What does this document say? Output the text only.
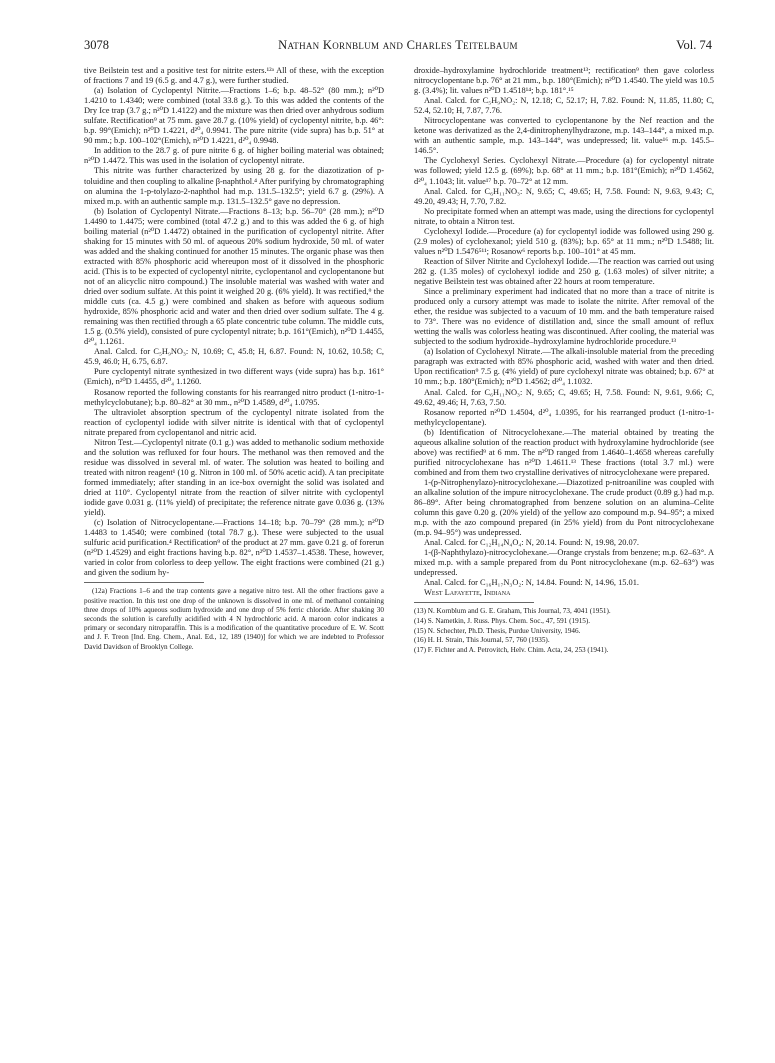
3078	Nathan Kornblum and Charles Teitelbaum	Vol. 74

tive Beilstein test and a positive test for nitrite esters.¹²ᵃ All of these, with the exception of fractions 7 and 19 (6.5 g. and 4.7 g.), were further studied.

(a) Isolation of Cyclopentyl Nitrite.—Fractions 1–6; b.p. 48–52° (80 mm.); n²⁰D 1.4210 to 1.4340; were combined (total 33.8 g.). To this was added the contents of the Dry Ice trap (3.7 g.; n²⁰D 1.4122) and the mixture was then dried over anhydrous sodium sulfate. Rectification⁹ at 75 mm. gave 28.7 g. (10% yield) of cyclopentyl nitrite, b.p. 46°: b.p. 99°(Emich); n²⁰D 1.4221, d²⁰₄ 0.9941. The pure nitrite (vide supra) has b.p. 51° at 90 mm.; b.p. 100–102°(Emich), n²⁰D 1.4221, d²⁰₄ 0.9948.

In addition to the 28.7 g. of pure nitrite 6 g. of higher boiling material was obtained; n²⁰D 1.4472. This was used in the isolation of cyclopentyl nitrate.

This nitrite was further characterized by using 28 g. for the diazotization of p-toluidine and then coupling to alkaline β-naphthol.⁴ After purifying by chromatographing on alumina the 1-p-tolylazo-2-naphthol had m.p. 131.5–132.5°; yield 6.7 g. (29%). A mixed m.p. with an authentic sample m.p. 131.5–132.5° gave no depression.

(b) Isolation of Cyclopentyl Nitrate.—Fractions 8–13; b.p. 56–70° (28 mm.); n²⁰D 1.4490 to 1.4475; were combined (total 47.2 g.) and to this was added the 6 g. of high boiling material (n²⁰D 1.4472) obtained in the purification of cyclopentyl nitrite. After shaking for 15 minutes with 50 ml. of aqueous 20% sodium hydroxide, 50 ml. of water was added and the shaking continued for another 15 minutes. The organic phase was then extracted with 85% phosphoric acid whereupon most of it dissolved in the phosphoric acid. (This is to be expected of cyclopentyl nitrite, cyclopentanol and cyclopentanone but not of an alicyclic nitro compound.) The insoluble material was washed with water and dried over sodium sulfate. At this point it weighed 20 g. (6% yield). It was rectified,⁹ the middle cuts (ca. 4.5 g.) were combined and shaken as before with aqueous sodium hydroxide, 85% phosphoric acid and water and then dried over sodium sulfate. The 4 g. remaining was then rectified through a 65 plate concentric tube column. The middle cuts, 1.5 g. (0.5% yield), consisted of pure cyclopentyl nitrate; b.p. 161°(Emich), n²⁰D 1.4455, d²⁰₄ 1.1261.

Anal. Calcd. for C₅H₉NO₃: N, 10.69; C, 45.8; H, 6.87. Found: N, 10.62, 10.58; C, 45.9, 46.0; H, 6.75, 6.87.

Pure cyclopentyl nitrate synthesized in two different ways (vide supra) has b.p. 161°(Emich), n²⁰D 1.4455, d²⁰₄ 1.1260.

Rosanow reported the following constants for his rearranged nitro product (1-nitro-1-methylcyclobutane); b.p. 80–82° at 30 mm., n²⁰D 1.4589, d²⁰₄ 1.0795.

The ultraviolet absorption spectrum of the cyclopentyl nitrate isolated from the reaction of cyclopentyl iodide with silver nitrite is identical with that of cyclopentyl nitrate prepared from cyclopentanol and nitric acid.

Nitron Test.—Cyclopentyl nitrate (0.1 g.) was added to methanolic sodium methoxide and the solution was refluxed for four hours. The methanol was then removed and the residue was dissolved in several ml. of water. The solution was heated to boiling and treated with nitron reagent¹ (10 g. Nitron in 100 ml. of 50% acetic acid). A tan precipitate formed immediately; after standing in an ice-box overnight the solid was isolated and dried at 110°. Cyclopentyl nitrate from the reaction of silver nitrite with cyclopentyl iodide gave 0.031 g. (11% yield) of precipitate; the reference nitrate gave 0.036 g. (13% yield).

(c) Isolation of Nitrocyclopentane.—Fractions 14–18; b.p. 70–79° (28 mm.); n²⁰D 1.4483 to 1.4540; were combined (total 78.7 g.). These were subjected to the usual sulfuric acid purification.⁴ Rectification⁹ of the product at 27 mm. gave 0.21 g. of forerun (n²⁰D 1.4529) and eight fractions having b.p. 82°, n²⁰D 1.4537–1.4538. These, however, varied in color from colorless to deep yellow. The eight fractions were combined (21 g.) and given the sodium hy-

(12a) Fractions 1–6 and the trap contents gave a negative nitro test. All the other fractions gave a positive reaction. In this test one drop of the unknown is dissolved in one ml. of methanol containing three drops of 10% aqueous sodium hydroxide and one drop of 5% ferric chloride. After shaking 30 seconds the solution is carefully acidified with 4 N hydrochloric acid. A maroon color indicates a primary or secondary nitroparaffin. This is a modification of the quantitative procedure of E. W. Scott and J. F. Treon [Ind. Eng. Chem., Anal. Ed., 12, 189 (1940)] for which we are indebted to Professor David Davidson of Brooklyn College.

droxide–hydroxylamine hydrochloride treatment¹³; rectification⁹ then gave colorless nitrocyclopentane b.p. 76° at 21 mm., b.p. 180°(Emich); n²⁰D 1.4540. The yield was 10.5 g. (3.4%); lit. values n²⁰D 1.4518¹⁴; b.p. 181°.¹⁵

Anal. Calcd. for C₅H₉NO₂: N, 12.18; C, 52.17; H, 7.82. Found: N, 11.85, 11.80; C, 52.4, 52.10; H, 7.87, 7.76.

Nitrocyclopentane was converted to cyclopentanone by the Nef reaction and the ketone was derivatized as the 2,4-dinitrophenylhydrazone, m.p. 143–144°, a mixed m.p. with an authentic sample, m.p. 143–144°, was undepressed; lit. value¹⁶ m.p. 145.5–146.5°.

The Cyclohexyl Series. Cyclohexyl Nitrate.—Procedure (a) for cyclopentyl nitrate was followed; yield 12.5 g. (69%); b.p. 68° at 11 mm.; b.p. 181°(Emich); n²⁰D 1.4562, d²⁰₄ 1.1043; lit. value¹⁷ b.p. 70–72° at 12 mm.

Anal. Calcd. for C₆H₁₁NO₃: N, 9.65; C, 49.65; H, 7.58. Found: N, 9.63, 9.43; C, 49.20, 49.43; H, 7.70, 7.82.

No precipitate formed when an attempt was made, using the directions for cyclopentyl nitrate, to obtain a Nitron test.

Cyclohexyl Iodide.—Procedure (a) for cyclopentyl iodide was followed using 290 g. (2.9 moles) of cyclohexanol; yield 510 g. (83%); b.p. 65° at 11 mm.; n²⁰D 1.5488; lit. values n²⁰D 1.5476⁵¹¹; Rosanow⁶ reports b.p. 100–101° at 45 mm.

Reaction of Silver Nitrite and Cyclohexyl Iodide.—The reaction was carried out using 282 g. (1.35 moles) of cyclohexyl iodide and 250 g. (1.63 moles) of silver nitrite; a negative Beilstein test was obtained after 22 hours at room temperature.

Since a preliminary experiment had indicated that no more than a trace of nitrite is produced only a cursory attempt was made to isolate the nitrite. After removal of the ether, the residue was subjected to a vacuum of 10 mm. and the bath temperature raised to 73°. There was no evidence of distillation and, since the small amount of reflux wetting the walls was colorless heating was discontinued. After cooling, the material was subjected to the sodium hydroxide–hydroxylamine hydrochloride procedure.¹³

(a) Isolation of Cyclohexyl Nitrate.—The alkali-insoluble material from the preceding paragraph was extracted with 85% phosphoric acid, washed with water and then dried. Upon rectification⁹ 7.5 g. (4% yield) of pure cyclohexyl nitrate was obtained; b.p. 67° at 10 mm.; b.p. 180°(Emich); n²⁰D 1.4562; d²⁰₄ 1.1032.

Anal. Calcd. for C₆H₁₁NO₃: N, 9.65; C, 49.65; H, 7.58. Found: N, 9.61, 9.66; C, 49.62, 49.46; H, 7.63, 7.50.

Rosanow reported n²⁰D 1.4504, d²⁰₄ 1.0395, for his rearranged product (1-nitro-1-methylcyclopentane).

(b) Identification of Nitrocyclohexane.—The material obtained by treating the aqueous alkaline solution of the reaction product with hydroxylamine hydrochloride (see above) was rectified⁹ at 6 mm. The n²⁰D ranged from 1.4640–1.4658 whereas carefully purified nitrocyclohexane has n²⁰D 1.4611.¹³ These fractions (total 3.7 ml.) were combined and from them two crystalline derivatives of nitrocyclohexane were prepared.

1-(p-Nitrophenylazo)-nitrocyclohexane.—Diazotized p-nitroaniline was coupled with an alkaline solution of the impure nitrocyclohexane. The crude product (0.89 g.) had m.p. 86–89°. After being chromatographed from benzene solution on an alumina–Celite column this gave 0.20 g. (20% yield) of the yellow azo compound m.p. 94–95°; a mixed m.p. with the azo compound prepared (in 25% yield) from du Pont nitrocyclohexane (m.p. 94–95°) was undepressed.

Anal. Calcd. for C₁₂H₁₄N₄O₄: N, 20.14. Found: N, 19.98, 20.07.

1-(β-Naphthylazo)-nitrocyclohexane.—Orange crystals from benzene; m.p. 62–63°. A mixed m.p. with a sample prepared from du Pont nitrocyclohexane (m.p. 62–63°) was undepressed.

Anal. Calcd. for C₁₆H₁₇N₃O₂: N, 14.84. Found: N, 14.96, 15.01.

West Lafayette, Indiana

(13) N. Kornblum and G. E. Graham, This Journal, 73, 4041 (1951).
(14) S. Nametkin, J. Russ. Phys. Chem. Soc., 47, 591 (1915).
(15) N. Schechter, Ph.D. Thesis, Purdue University, 1946.
(16) H. H. Strain, This Journal, 57, 760 (1935).
(17) F. Fichter and A. Petrovitch, Helv. Chim. Acta, 24, 253 (1941).
